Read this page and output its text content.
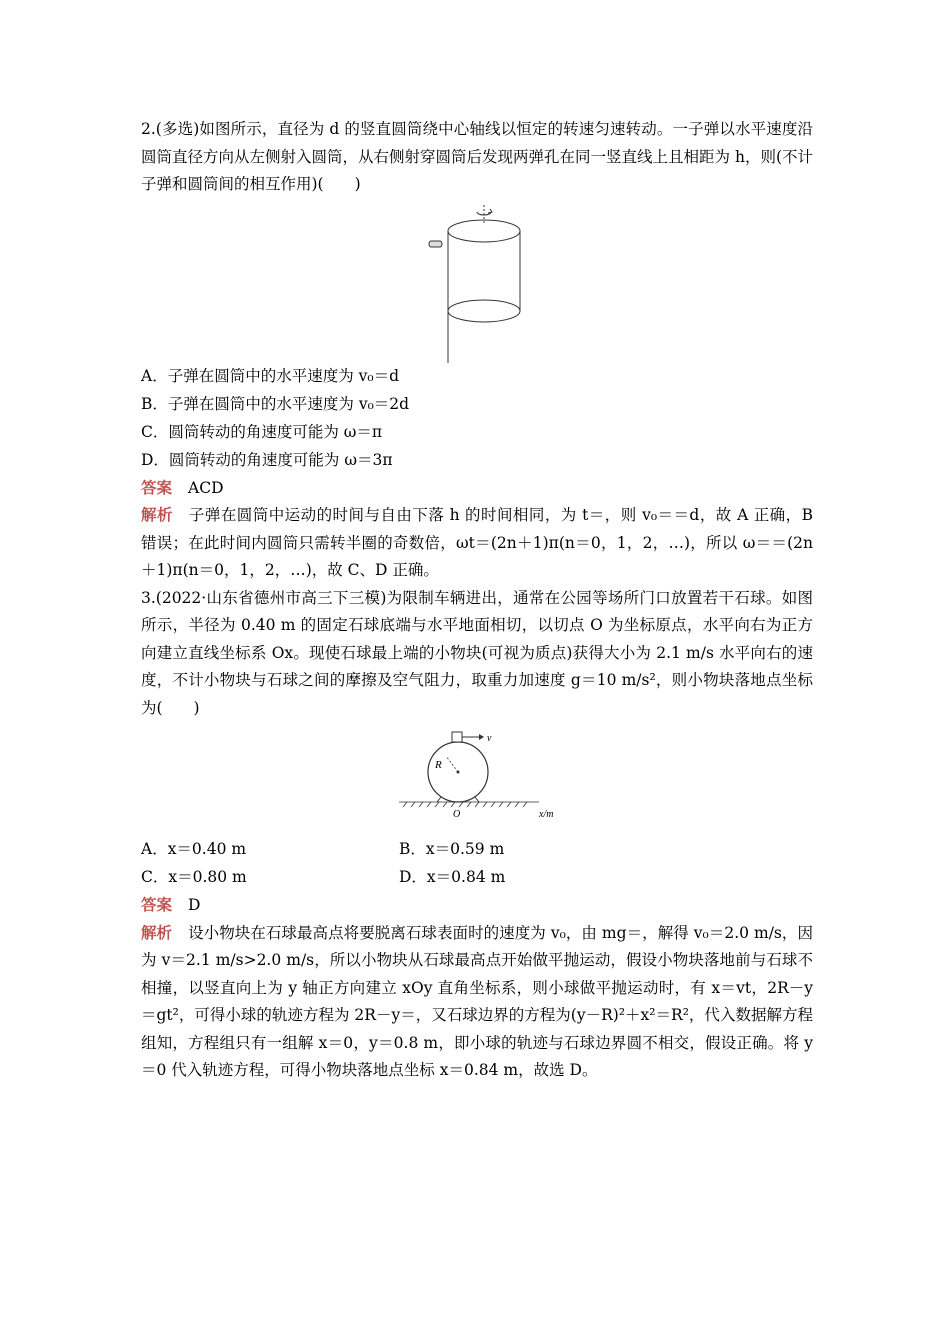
2.(多选)如图所示，直径为 d 的竖直圆筒绕中心轴线以恒定的转速匀速转动。一子弹以水平速度沿圆筒直径方向从左侧射入圆筒，从右侧射穿圆筒后发现两弹孔在同一竖直线上且相距为 h，则(不计子弹和圆筒间的相互作用)(　　)

A．子弹在圆筒中的水平速度为 v₀＝d

B．子弹在圆筒中的水平速度为 v₀＝2d

C．圆筒转动的角速度可能为 ω＝π

D．圆筒转动的角速度可能为 ω＝3π

答案 ACD

解析 子弹在圆筒中运动的时间与自由下落 h 的时间相同，为 t＝，则 v₀＝＝d，故 A 正确，B 错误；在此时间内圆筒只需转半圈的奇数倍，ωt＝(2n＋1)π(n＝0，1，2，…)，所以 ω＝＝(2n＋1)π(n＝0，1，2，…)，故 C、D 正确。

3.(2022·山东省德州市高三下三模)为限制车辆进出，通常在公园等场所门口放置若干石球。如图所示，半径为 0.40 m 的固定石球底端与水平地面相切，以切点 O 为坐标原点，水平向右为正方向建立直线坐标系 Ox。现使石球最上端的小物块(可视为质点)获得大小为 2.1 m/s 水平向右的速度，不计小物块与石球之间的摩擦及空气阻力，取重力加速度 g＝10 m/s²，则小物块落地点坐标为(　　)

v
R
O	x/m
A．x＝0.40 m	B．x＝0.59 m
C．x＝0.80 m	D．x＝0.84 m

答案 D

解析 设小物块在石球最高点将要脱离石球表面时的速度为 v₀，由 mg＝，解得 v₀＝2.0 m/s，因为 v＝2.1 m/s>2.0 m/s，所以小物块从石球最高点开始做平抛运动，假设小物块落地前与石球不相撞，以竖直向上为 y 轴正方向建立 xOy 直角坐标系，则小球做平抛运动时，有 x＝vt，2R－y＝gt²，可得小球的轨迹方程为 2R－y＝，又石球边界的方程为(y－R)²＋x²＝R²，代入数据解方程组知，方程组只有一组解 x＝0，y＝0.8 m，即小球的轨迹与石球边界圆不相交，假设正确。将 y＝0 代入轨迹方程，可得小物块落地点坐标 x＝0.84 m，故选 D。
